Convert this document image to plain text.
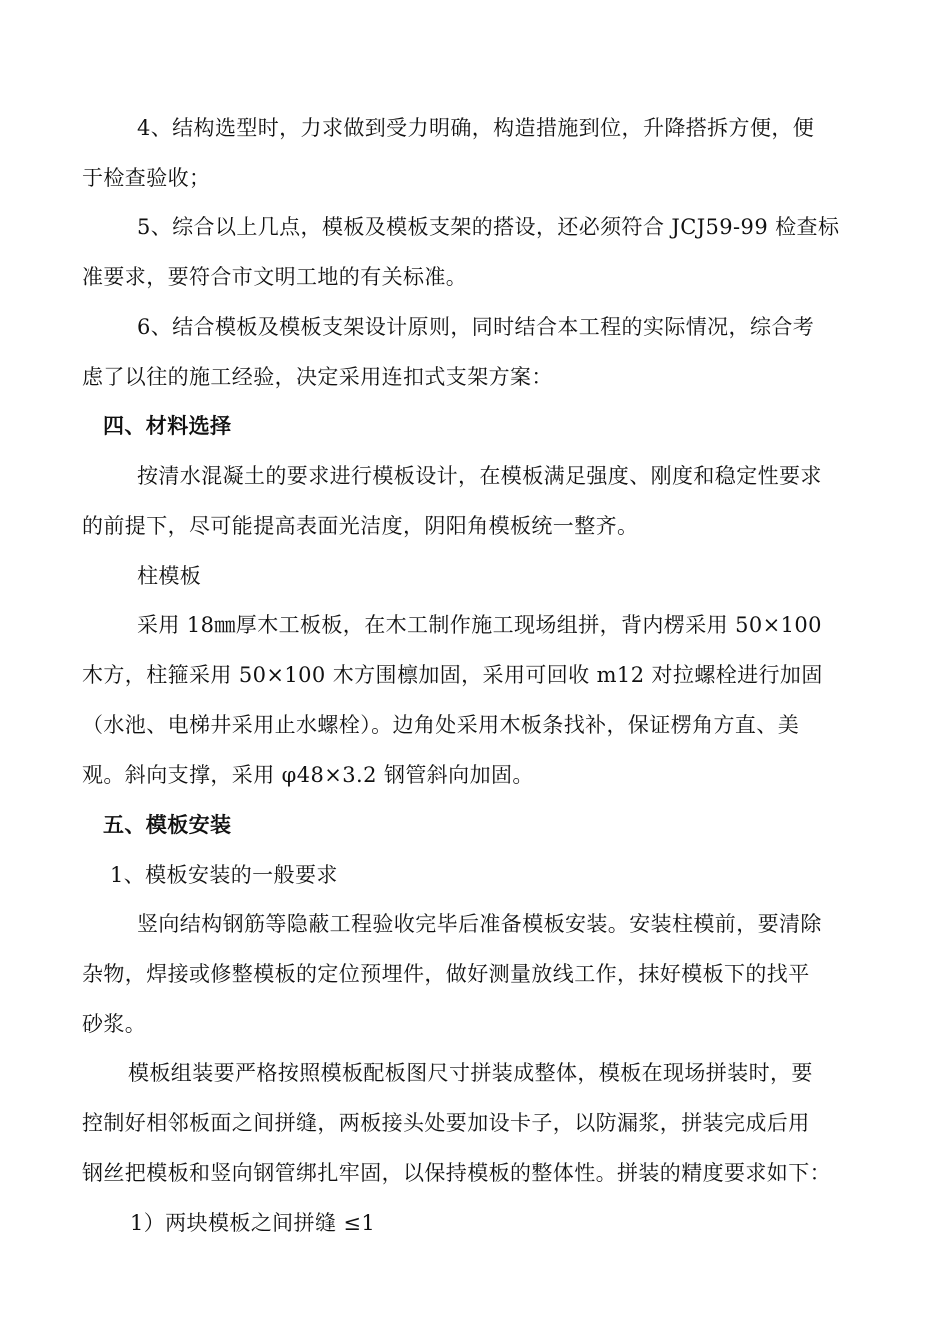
4、结构选型时，力求做到受力明确，构造措施到位，升降搭拆方便，便
于检查验收；
5、综合以上几点，模板及模板支架的搭设，还必须符合 JCJ59-99 检查标
准要求，要符合市文明工地的有关标准。
6、结合模板及模板支架设计原则，同时结合本工程的实际情况，综合考
虑了以往的施工经验，决定采用连扣式支架方案：
四、材料选择
按清水混凝土的要求进行模板设计，在模板满足强度、刚度和稳定性要求
的前提下，尽可能提高表面光洁度，阴阳角模板统一整齐。
柱模板
采用 18㎜厚木工板板，在木工制作施工现场组拼，背内楞采用 50×100
木方，柱箍采用 50×100 木方围檩加固，采用可回收 m12 对拉螺栓进行加固
（水池、电梯井采用止水螺栓）。边角处采用木板条找补，保证楞角方直、美
观。斜向支撑，采用 φ48×3.2 钢管斜向加固。
五、模板安装
1、模板安装的一般要求
竖向结构钢筋等隐蔽工程验收完毕后准备模板安装。安装柱模前，要清除
杂物，焊接或修整模板的定位预埋件，做好测量放线工作，抹好模板下的找平
砂浆。
模板组装要严格按照模板配板图尺寸拼装成整体，模板在现场拼装时，要
控制好相邻板面之间拼缝，两板接头处要加设卡子，以防漏浆，拼装完成后用
钢丝把模板和竖向钢管绑扎牢固，以保持模板的整体性。拼装的精度要求如下：
1）两块模板之间拼缝 ≤1
